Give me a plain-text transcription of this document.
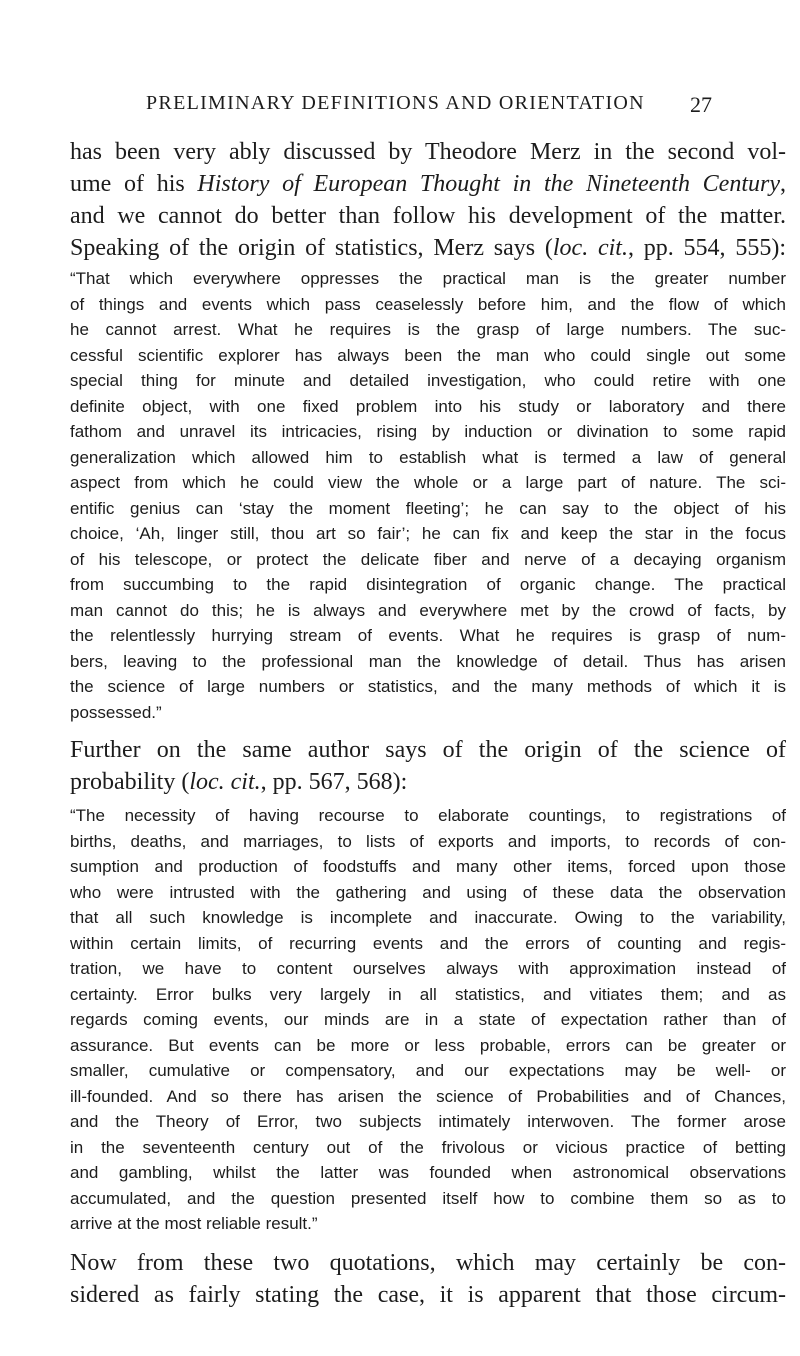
PRELIMINARY DEFINITIONS AND ORIENTATION 27
has been very ably discussed by Theodore Merz in the second vol-
ume of his History of European Thought in the Nineteenth Century,
and we cannot do better than follow his development of the matter.
Speaking of the origin of statistics, Merz says (loc. cit., pp. 554, 555):
“That which everywhere oppresses the practical man is the greater number
of things and events which pass ceaselessly before him, and the flow of which
he cannot arrest. What he requires is the grasp of large numbers. The suc-
cessful scientific explorer has always been the man who could single out some
special thing for minute and detailed investigation, who could retire with one
definite object, with one fixed problem into his study or laboratory and there
fathom and unravel its intricacies, rising by induction or divination to some rapid
generalization which allowed him to establish what is termed a law of general
aspect from which he could view the whole or a large part of nature. The sci-
entific genius can ‘stay the moment fleeting’; he can say to the object of his
choice, ‘Ah, linger still, thou art so fair’; he can fix and keep the star in the focus
of his telescope, or protect the delicate fiber and nerve of a decaying organism
from succumbing to the rapid disintegration of organic change. The practical
man cannot do this; he is always and everywhere met by the crowd of facts, by
the relentlessly hurrying stream of events. What he requires is grasp of num-
bers, leaving to the professional man the knowledge of detail. Thus has arisen
the science of large numbers or statistics, and the many methods of which it is
possessed.”
Further on the same author says of the origin of the science of
probability (loc. cit., pp. 567, 568):
“The necessity of having recourse to elaborate countings, to registrations of
births, deaths, and marriages, to lists of exports and imports, to records of con-
sumption and production of foodstuffs and many other items, forced upon those
who were intrusted with the gathering and using of these data the observation
that all such knowledge is incomplete and inaccurate. Owing to the variability,
within certain limits, of recurring events and the errors of counting and regis-
tration, we have to content ourselves always with approximation instead of
certainty. Error bulks very largely in all statistics, and vitiates them; and as
regards coming events, our minds are in a state of expectation rather than of
assurance. But events can be more or less probable, errors can be greater or
smaller, cumulative or compensatory, and our expectations may be well- or
ill-founded. And so there has arisen the science of Probabilities and of Chances,
and the Theory of Error, two subjects intimately interwoven. The former arose
in the seventeenth century out of the frivolous or vicious practice of betting
and gambling, whilst the latter was founded when astronomical observations
accumulated, and the question presented itself how to combine them so as to
arrive at the most reliable result.”
Now from these two quotations, which may certainly be con-
sidered as fairly stating the case, it is apparent that those circum-
